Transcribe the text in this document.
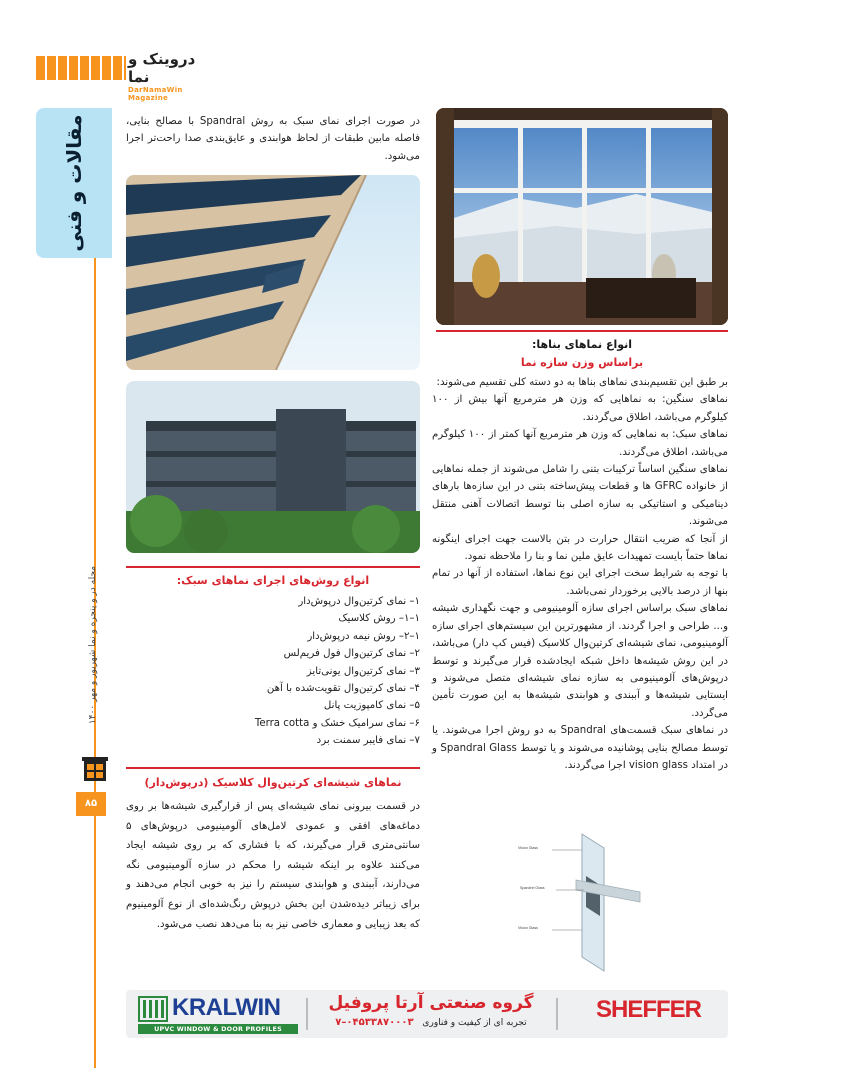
دروینک و نما
DarNamaWin Magazine
مقالات و فنی
مجله در و پنجره و نما شهریور و مهر ۱۴۰۰
۸۵
در صورت اجرای نمای سبک به روش Spandral با مصالح بنایی، فاصله مابین طبقات از لحاظ هوابندی و عایق‌بندی صدا راحت‌تر اجرا می‌شود.
انواع روش‌های اجرای نماهای سبک:

۱– نمای کرتین‌وال درپوش‌دار

۱–۱– روش کلاسیک

۱–۲– روش نیمه درپوش‌دار

۲– نمای کرتین‌وال فول فریم‌لس

۳– نمای کرتین‌وال یونی‌تایز

۴– نمای کرتین‌وال تقویت‌شده با آهن

۵– نمای کامپوزیت پانل

۶– نمای سرامیک خشک و Terra cotta

۷– نمای فایبر سمنت برد

نماهای شیشه‌ای کرتین‌وال کلاسیک (درپوش‌دار)
در قسمت بیرونی نمای شیشه‌ای پس از قرارگیری شیشه‌ها بر روی دماغه‌های افقی و عمودی لامل‌های آلومینیومی درپوش‌های ۵ سانتی‌متری قرار می‌گیرند، که با فشاری که بر روی شیشه ایجاد می‌کنند علاوه بر اینکه شیشه را محکم در سازه آلومینیومی نگه می‌دارند، آببندی و هوابندی سیستم را نیز به خوبی انجام می‌دهند و برای زیباتر دیده‌شدن این بخش درپوش رنگ‌شده‌ای از نوع آلومینیوم که بعد زیبایی و معماری خاصی نیز به بنا می‌دهد نصب می‌شود.
انواع نماهای بناها:
براساس وزن سازه نما

بر طبق این تقسیم‌بندی نماهای بناها به دو دسته کلی تقسیم می‌شوند:

نماهای سنگین: به نماهایی که وزن هر مترمربع آنها بیش از ۱۰۰ کیلوگرم می‌باشد، اطلاق می‌گردند.

نماهای سبک: به نماهایی که وزن هر مترمربع آنها کمتر از ۱۰۰ کیلوگرم می‌باشد، اطلاق می‌گردند.

نماهای سنگین اساساً ترکیبات بتنی را شامل می‌شوند از جمله نماهایی از خانواده GFRC ها و قطعات پیش‌ساخته بتنی در این سازه‌ها بارهای دینامیکی و استاتیکی به سازه اصلی بنا توسط اتصالات آهنی منتقل می‌شوند.

از آنجا که ضریب انتقال حرارت در بتن بالاست جهت اجرای اینگونه نماها حتماً بایست تمهیدات عایق ملین نما و بنا را ملاحظه نمود.

با توجه به شرایط سخت اجرای این نوع نماها، استفاده از آنها در تمام بنها از درصد بالایی برخوردار نمی‌باشد.

نماهای سبک براساس اجرای سازه آلومینیومی و جهت نگهداری شیشه و... طراحی و اجرا گردند. از مشهورترین این سیستم‌های اجرای سازه آلومینیومی، نمای شیشه‌ای کرتین‌وال کلاسیک (فیس کپ دار) می‌باشد، در این روش شیشه‌ها داخل شبکه ایجاد‌شده قرار می‌گیرند و توسط درپوش‌های آلومینیومی به سازه نمای شیشه‌ای متصل می‌شوند و ایستایی شیشه‌ها و آببندی و هوابندی شیشه‌ها به این صورت تأمین می‌گردد.

در نماهای سبک قسمت‌های Spandral به دو روش اجرا می‌شوند. یا توسط مصالح بنایی پوشانیده می‌شوند و یا توسط Spandral Glass و در امتداد vision glass اجرا می‌گردند.

Vision Glass
Spandrel Glass
Vision Glass
KRALWIN
UPVC WINDOW & DOOR PROFILES
گروه صنعتی آرتا پروفیل
تجربه ای از کیفیت و فناوری ۰۴۵۳۳۸۷۰۰۰۳–۷	SHEFFER
